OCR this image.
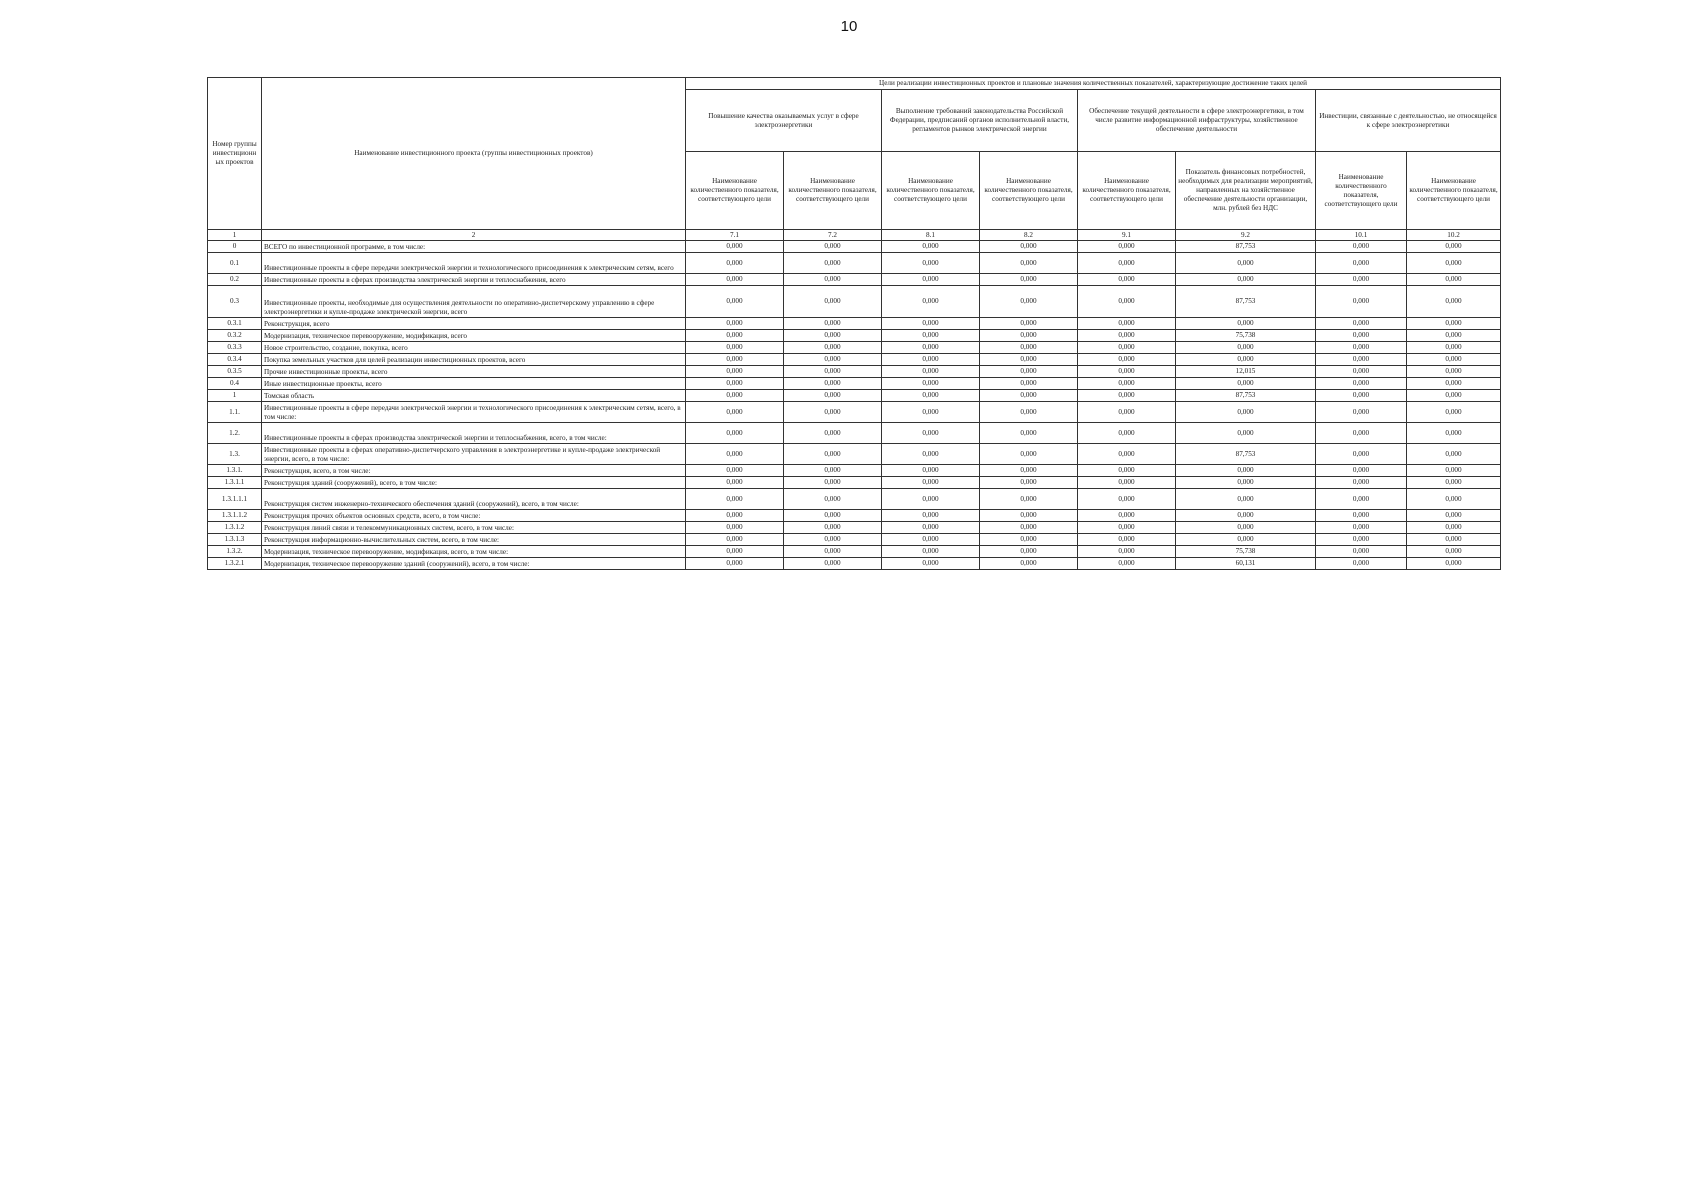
10
Номер группы инвестиционн ых проектов	Наименование инвестиционного проекта (группы инвестиционных проектов)	Цели реализации инвестиционных проектов и плановые значения количественных показателей, характеризующие достижение таких целей							
		Повышение качества оказываемых услуг в сфере электроэнергетики		Выполнение требований законодательства Российской Федерации, предписаний органов исполнительной власти, регламентов рынков электрической энергии		Обеспечение текущей деятельности в сфере электроэнергетики, в том числе развитие информационной инфраструктуры, хозяйственное обеспечение деятельности		Инвестиции, связанные с деятельностью, не относящейся к сфере электроэнергетики	
		Наименование количественного показателя, соответствующего цели	Наименование количественного показателя, соответствующего цели	Наименование количественного показателя, соответствующего цели	Наименование количественного показателя, соответствующего цели	Наименование количественного показателя, соответствующего цели	Показатель финансовых потребностей, необходимых для реализации мероприятий, направленных на хозяйственное обеспечение деятельности организации, млн. рублей без НДС	Наименование количественного показателя, соответствующего цели	Наименование количественного показателя, соответствующего цели
1	2	7.1	7.2	8.1	8.2	9.1	9.2	10.1	10.2
0	ВСЕГО по инвестиционной программе, в том числе:	0,000	0,000	0,000	0,000	0,000	87,753	0,000	0,000
0.1	Инвестиционные проекты в сфере передачи электрической энергии и технологического присоединения к электрическим сетям, всего	0,000	0,000	0,000	0,000	0,000	0,000	0,000	0,000
0.2	Инвестиционные проекты в сферах производства электрической энергии и теплоснабжения, всего	0,000	0,000	0,000	0,000	0,000	0,000	0,000	0,000
0.3	Инвестиционные проекты, необходимые для осуществления деятельности по оперативно-диспетчерскому управлению в сфере электроэнергетики и купле-продаже электрической энергии, всего	0,000	0,000	0,000	0,000	0,000	87,753	0,000	0,000
0.3.1	Реконструкция, всего	0,000	0,000	0,000	0,000	0,000	0,000	0,000	0,000
0.3.2	Модернизация, техническое перевооружение, модификация, всего	0,000	0,000	0,000	0,000	0,000	75,738	0,000	0,000
0.3.3	Новое строительство, создание, покупка, всего	0,000	0,000	0,000	0,000	0,000	0,000	0,000	0,000
0.3.4	Покупка земельных участков для целей реализации инвестиционных проектов, всего	0,000	0,000	0,000	0,000	0,000	0,000	0,000	0,000
0.3.5	Прочие инвестиционные проекты, всего	0,000	0,000	0,000	0,000	0,000	12,015	0,000	0,000
0.4	Иные инвестиционные проекты, всего	0,000	0,000	0,000	0,000	0,000	0,000	0,000	0,000
1	Томская область	0,000	0,000	0,000	0,000	0,000	87,753	0,000	0,000
1.1.	Инвестиционные проекты в сфере передачи электрической энергии и технологического присоединения к электрическим сетям, всего, в том числе:	0,000	0,000	0,000	0,000	0,000	0,000	0,000	0,000
1.2.	Инвестиционные проекты в сферах производства электрической энергии и теплоснабжения, всего, в том числе:	0,000	0,000	0,000	0,000	0,000	0,000	0,000	0,000
1.3.	Инвестиционные проекты в сферах оперативно-диспетчерского управления в электроэнергетике и купле-продаже электрической энергии, всего, в том числе:	0,000	0,000	0,000	0,000	0,000	87,753	0,000	0,000
1.3.1.	Реконструкция, всего, в том числе:	0,000	0,000	0,000	0,000	0,000	0,000	0,000	0,000
1.3.1.1	Реконструкция зданий (сооружений), всего, в том числе:	0,000	0,000	0,000	0,000	0,000	0,000	0,000	0,000
1.3.1.1.1	Реконструкция систем инженерно-технического обеспечения зданий (сооружений), всего, в том числе:	0,000	0,000	0,000	0,000	0,000	0,000	0,000	0,000
1.3.1.1.2	Реконструкция прочих объектов основных средств, всего, в том числе:	0,000	0,000	0,000	0,000	0,000	0,000	0,000	0,000
1.3.1.2	Реконструкция линий связи и телекоммуникационных систем, всего, в том числе:	0,000	0,000	0,000	0,000	0,000	0,000	0,000	0,000
1.3.1.3	Реконструкция информационно-вычислительных систем, всего, в том числе:	0,000	0,000	0,000	0,000	0,000	0,000	0,000	0,000
1.3.2.	Модернизация, техническое перевооружение, модификация, всего, в том числе:	0,000	0,000	0,000	0,000	0,000	75,738	0,000	0,000
1.3.2.1	Модернизация, техническое перевооружение зданий (сооружений), всего, в том числе:	0,000	0,000	0,000	0,000	0,000	60,131	0,000	0,000
